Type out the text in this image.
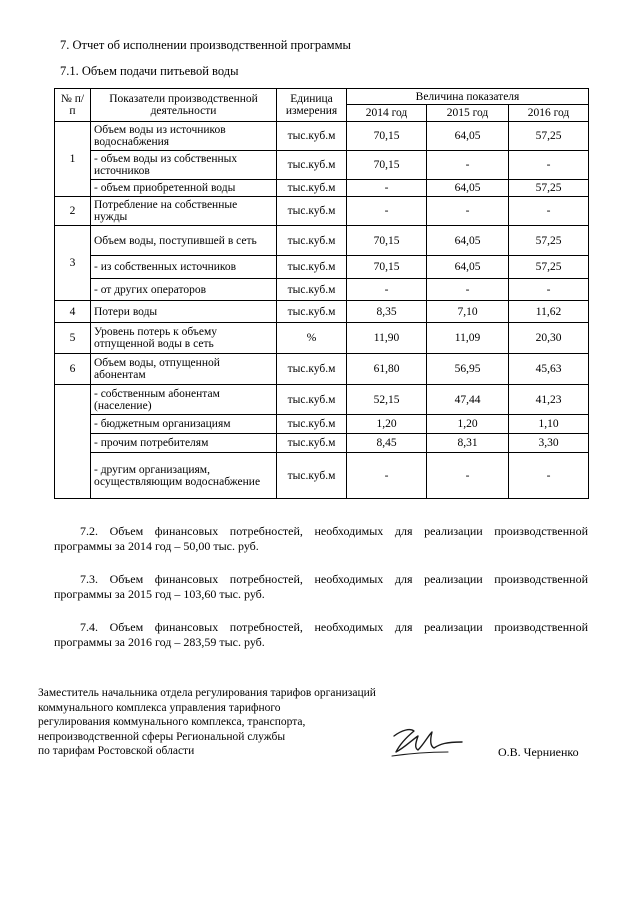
7. Отчет об исполнении производственной программы
7.1. Объем подачи питьевой воды
№ п/п	Показатели производственной деятельности	Единица измерения	Величина показателя		
			2014 год	2015 год	2016 год
1	Объем воды из источников водоснабжения	тыс.куб.м	70,15	64,05	57,25
	- объем воды из собственных источников	тыс.куб.м	70,15	-	-
	- объем приобретенной воды	тыс.куб.м	-	64,05	57,25
2	Потребление на собственные нужды	тыс.куб.м	-	-	-
3	Объем воды, поступившей в сеть	тыс.куб.м	70,15	64,05	57,25
	- из собственных источников	тыс.куб.м	70,15	64,05	57,25
	- от других операторов	тыс.куб.м	-	-	-
4	Потери воды	тыс.куб.м	8,35	7,10	11,62
5	Уровень потерь к объему отпущенной воды в сеть	%	11,90	11,09	20,30
6	Объем воды, отпущенной абонентам	тыс.куб.м	61,80	56,95	45,63
	- собственным абонентам (население)	тыс.куб.м	52,15	47,44	41,23
	- бюджетным организациям	тыс.куб.м	1,20	1,20	1,10
	- прочим потребителям	тыс.куб.м	8,45	8,31	3,30
	- другим организациям, осуществляющим водоснабжение	тыс.куб.м	-	-	-
7.2. Объем финансовых потребностей, необходимых для реализации производственной программы за 2014 год – 50,00 тыс. руб.
7.3. Объем финансовых потребностей, необходимых для реализации производственной программы за 2015 год – 103,60 тыс. руб.
7.4. Объем финансовых потребностей, необходимых для реализации производственной программы за 2016 год – 283,59 тыс. руб.
Заместитель начальника отдела регулирования тарифов организаций
коммунального комплекса управления тарифного
регулирования коммунального комплекса, транспорта,
непроизводственной сферы Региональной службы
по тарифам Ростовской области	О.В. Черниенко
